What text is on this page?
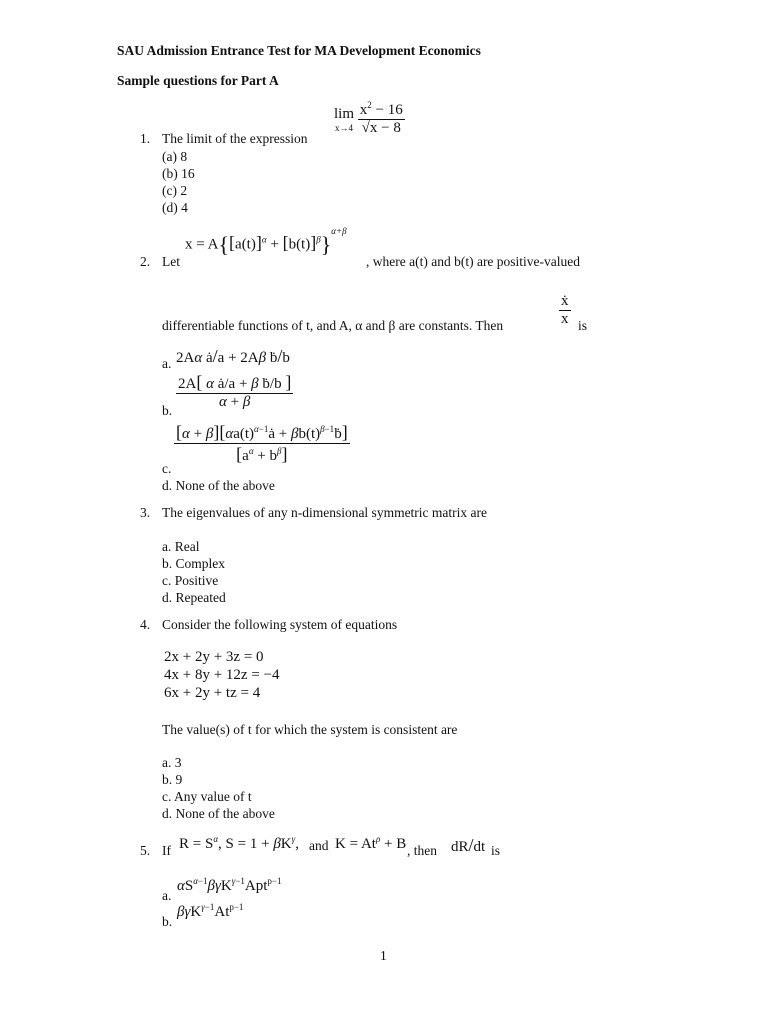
SAU Admission Entrance Test for MA Development Economics
Sample questions for Part A
1. The limit of the expression
lim
x→4
$\frac{x^2 - 16}{√x - 8}$
(a) 8
(b) 16
(c) 2
(d) 4
2. Let
$x = A\{[a(t)]^\alpha + [b(t)]^\beta\}^{\alpha+\beta}$
, where a(t) and b(t) are positive-valued
differentiable functions of t, and A, α and β are constants. Then	$\frac{\text{ẋ}}{x}$ is
a. 2Aα ȧ/a + 2Aβ ḃ/b
b. $\frac{\text{2A[ α ȧ/a + β ḃ/b ]}}{\alpha + \beta}$
c.
$\frac{[\alpha + \beta][\alpha a(t)^{\alpha-1}ȧ + \beta b(t)^{\beta-1}ḃ]}{[a^\alpha + b^\beta]}$
d. None of the above
3. The eigenvalues of any n-dimensional symmetric matrix are
a. Real
b. Complex
c. Positive
d. Repeated
4. Consider the following system of equations
2x + 2y + 3z = 0
4x + 8y + 12z = −4
6x + 2y + tz = 4
The value(s) of t for which the system is consistent are
a. 3
b. 9
c. Any value of t
d. None of the above
5. If $R = S^\alpha$, $S = 1 + \beta K^\gamma$, and $K = At^\rho + B$ , then dR/dt is
a.
$\alpha S^{\alpha-1}\beta\gamma K^{\gamma-1}Apt^{p-1}$
b.
$\beta\gamma K^{\gamma-1}At^{p-1}$
1
